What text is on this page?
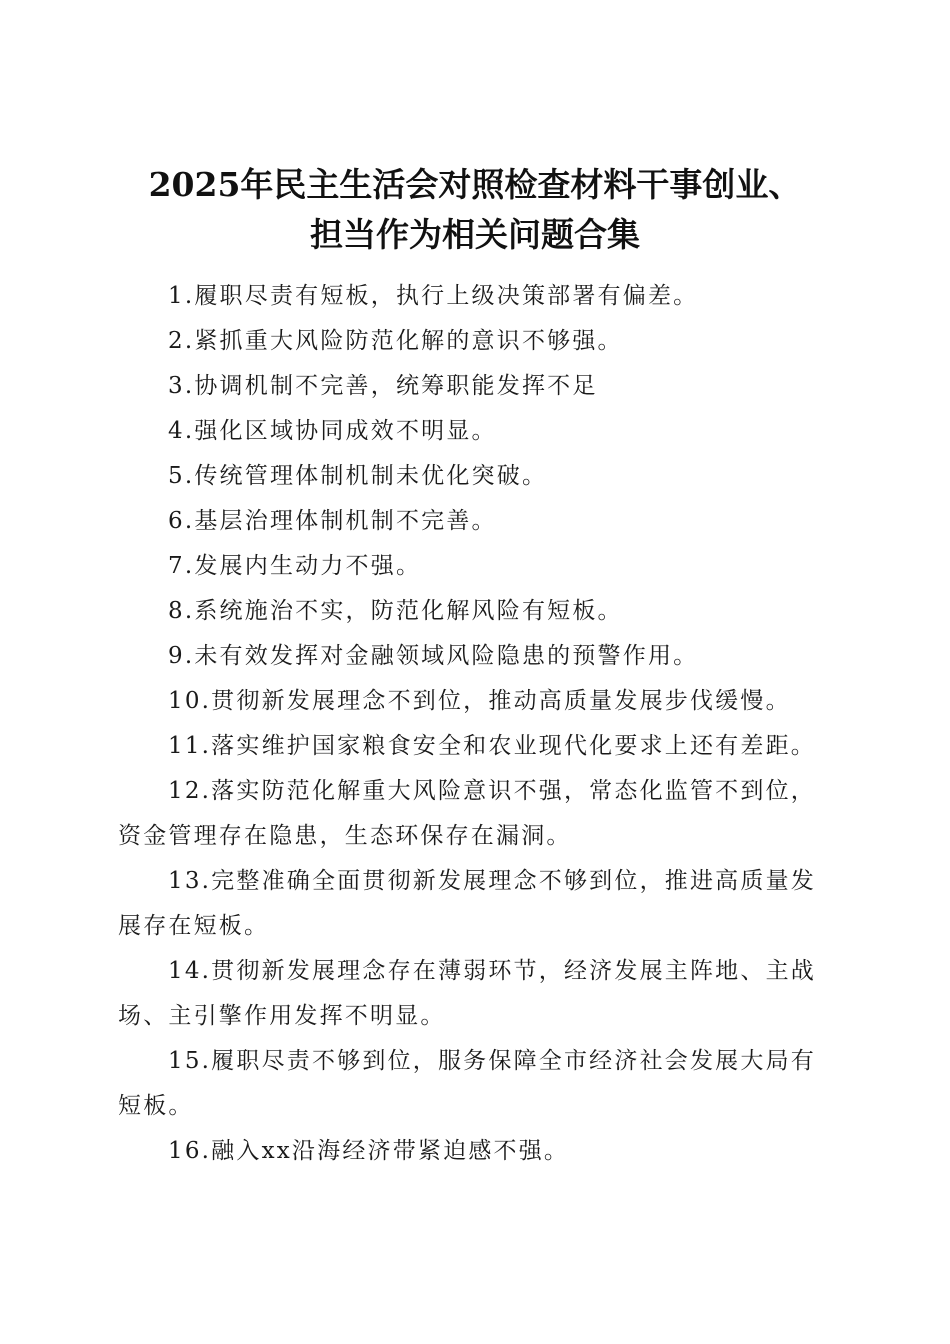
2025年民主生活会对照检查材料干事创业、
担当作为相关问题合集

1.履职尽责有短板，执行上级决策部署有偏差。

2.紧抓重大风险防范化解的意识不够强。

3.协调机制不完善，统筹职能发挥不足

4.强化区域协同成效不明显。

5.传统管理体制机制未优化突破。

6.基层治理体制机制不完善。

7.发展内生动力不强。

8.系统施治不实，防范化解风险有短板。

9.未有效发挥对金融领域风险隐患的预警作用。

10.贯彻新发展理念不到位，推动高质量发展步伐缓慢。

11.落实维护国家粮食安全和农业现代化要求上还有差距。

12.落实防范化解重大风险意识不强，常态化监管不到位，资金管理存在隐患，生态环保存在漏洞。

13.完整准确全面贯彻新发展理念不够到位，推进高质量发展存在短板。

14.贯彻新发展理念存在薄弱环节，经济发展主阵地、主战场、主引擎作用发挥不明显。

15.履职尽责不够到位，服务保障全市经济社会发展大局有短板。

16.融入xx沿海经济带紧迫感不强。
